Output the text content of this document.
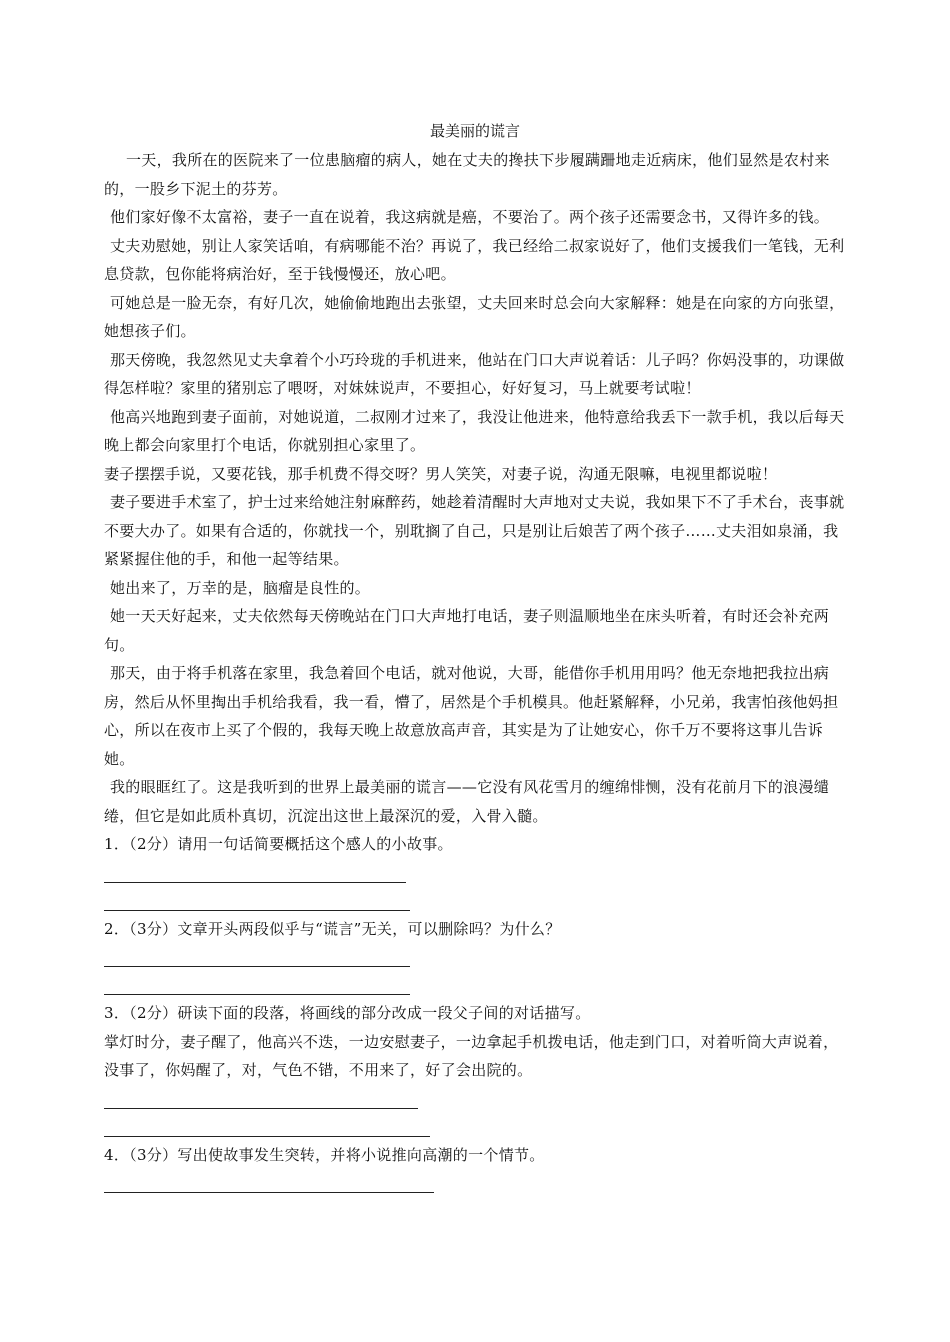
最美丽的谎言

一天，我所在的医院来了一位患脑瘤的病人，她在丈夫的搀扶下步履蹒跚地走近病床，他们显然是农村来的，一股乡下泥土的芬芳。

他们家好像不太富裕，妻子一直在说着，我这病就是癌，不要治了。两个孩子还需要念书，又得许多的钱。

丈夫劝慰她，别让人家笑话咱，有病哪能不治？再说了，我已经给二叔家说好了，他们支援我们一笔钱，无利息贷款，包你能将病治好，至于钱慢慢还，放心吧。

可她总是一脸无奈，有好几次，她偷偷地跑出去张望，丈夫回来时总会向大家解释：她是在向家的方向张望，她想孩子们。

那天傍晚，我忽然见丈夫拿着个小巧玲珑的手机进来，他站在门口大声说着话：儿子吗？你妈没事的，功课做得怎样啦？家里的猪别忘了喂呀，对妹妹说声，不要担心，好好复习，马上就要考试啦！

他高兴地跑到妻子面前，对她说道，二叔刚才过来了，我没让他进来，他特意给我丢下一款手机，我以后每天晚上都会向家里打个电话，你就别担心家里了。

妻子摆摆手说，又要花钱，那手机费不得交呀？男人笑笑，对妻子说，沟通无限嘛，电视里都说啦！

妻子要进手术室了，护士过来给她注射麻醉药，她趁着清醒时大声地对丈夫说，我如果下不了手术台，丧事就不要大办了。如果有合适的，你就找一个，别耽搁了自己，只是别让后娘苦了两个孩子……丈夫泪如泉涌，我紧紧握住他的手，和他一起等结果。

她出来了，万幸的是，脑瘤是良性的。

她一天天好起来，丈夫依然每天傍晚站在门口大声地打电话，妻子则温顺地坐在床头听着，有时还会补充两句。

那天，由于将手机落在家里，我急着回个电话，就对他说，大哥，能借你手机用用吗？他无奈地把我拉出病房，然后从怀里掏出手机给我看，我一看，懵了，居然是个手机模具。他赶紧解释，小兄弟，我害怕孩他妈担心，所以在夜市上买了个假的，我每天晚上故意放高声音，其实是为了让她安心，你千万不要将这事儿告诉她。

我的眼眶红了。这是我听到的世界上最美丽的谎言——它没有风花雪月的缠绵悱恻，没有花前月下的浪漫缱绻，但它是如此质朴真切，沉淀出这世上最深沉的爱，入骨入髓。

1．（2分）请用一句话简要概括这个感人的小故事。

2．（3分）文章开头两段似乎与“谎言”无关，可以删除吗？为什么？

3．（2分）研读下面的段落，将画线的部分改成一段父子间的对话描写。

掌灯时分，妻子醒了，他高兴不迭，一边安慰妻子，一边拿起手机拨电话，他走到门口，对着听筒大声说着，没事了，你妈醒了，对，气色不错，不用来了，好了会出院的。

4．（3分）写出使故事发生突转，并将小说推向高潮的一个情节。
